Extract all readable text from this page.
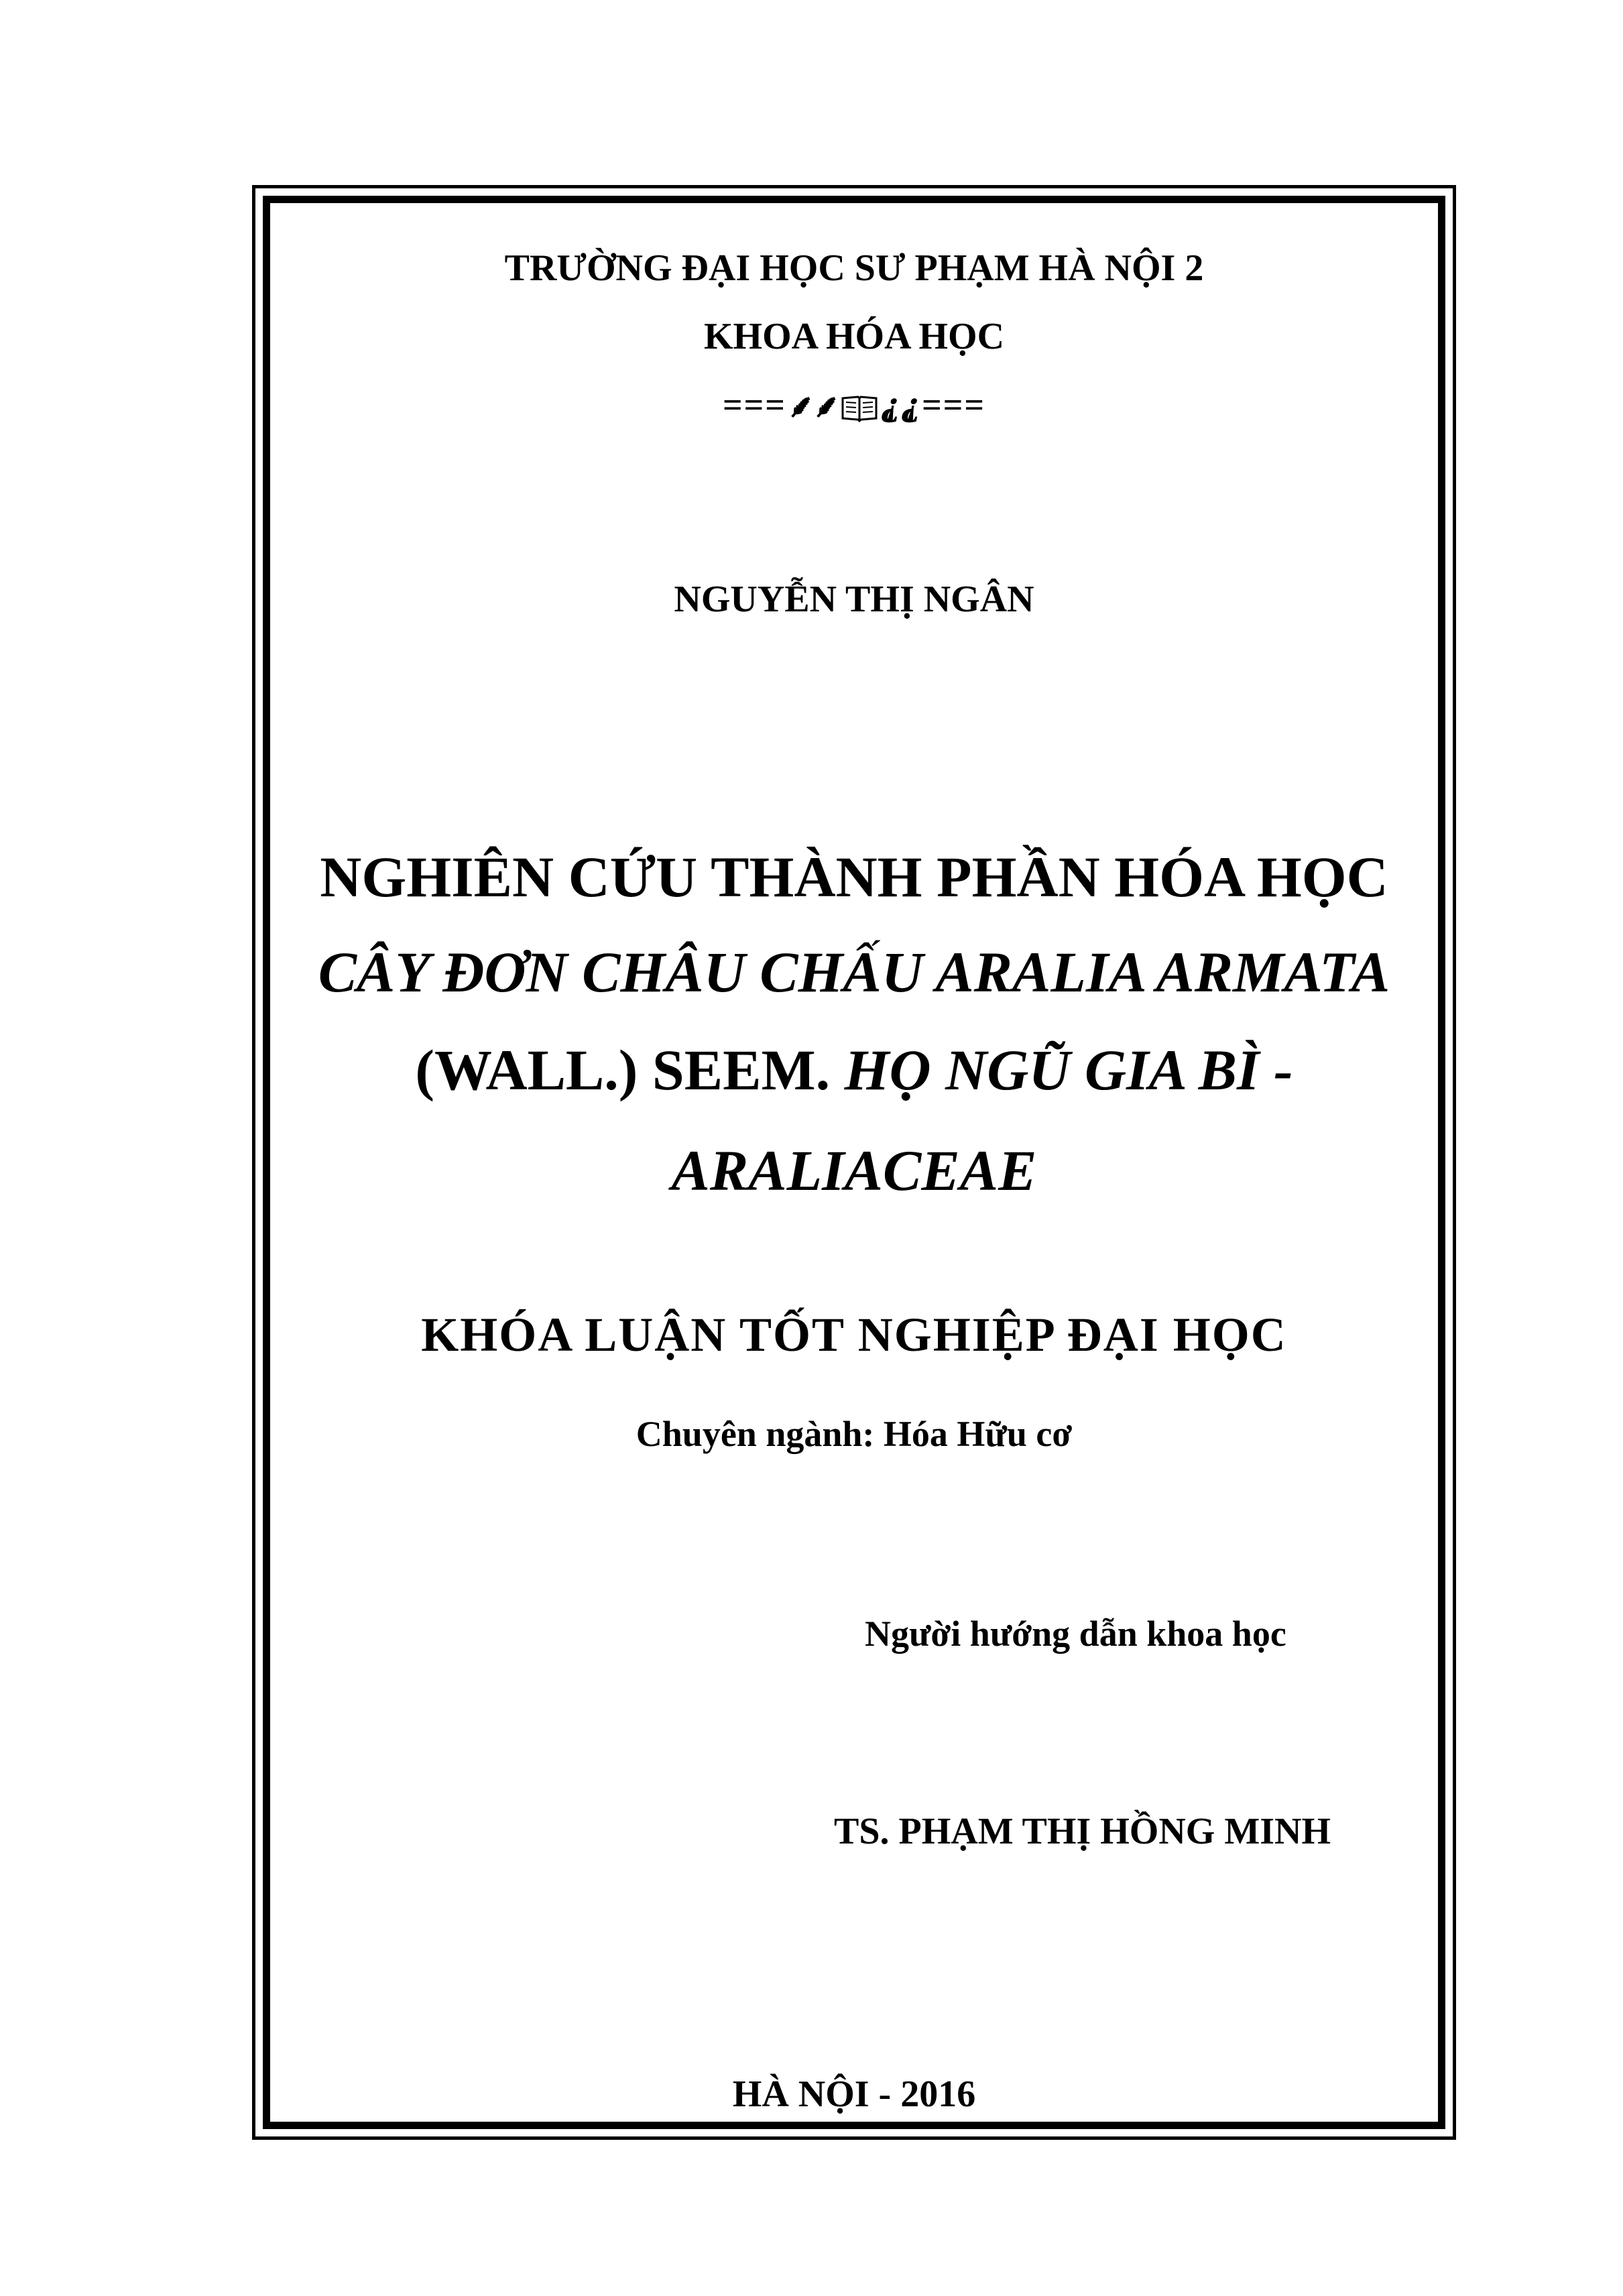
TRƯỜNG ĐẠI HỌC SƯ PHẠM HÀ NỘI 2
KHOA HÓA HỌC
=== ⸙⸙ ⸘⸘ ===
NGUYỄN THỊ NGÂN
NGHIÊN CỨU THÀNH PHẦN HÓA HỌC
CÂY ĐƠN CHÂU CHẤU ARALIA ARMATA
(WALL.) SEEM. HỌ NGŨ GIA BÌ -
ARALIACEAE
KHÓA LUẬN TỐT NGHIỆP ĐẠI HỌC
Chuyên ngành: Hóa Hữu cơ
Người hướng dẫn khoa học
TS. PHẠM THỊ HỒNG MINH
HÀ NỘI - 2016
